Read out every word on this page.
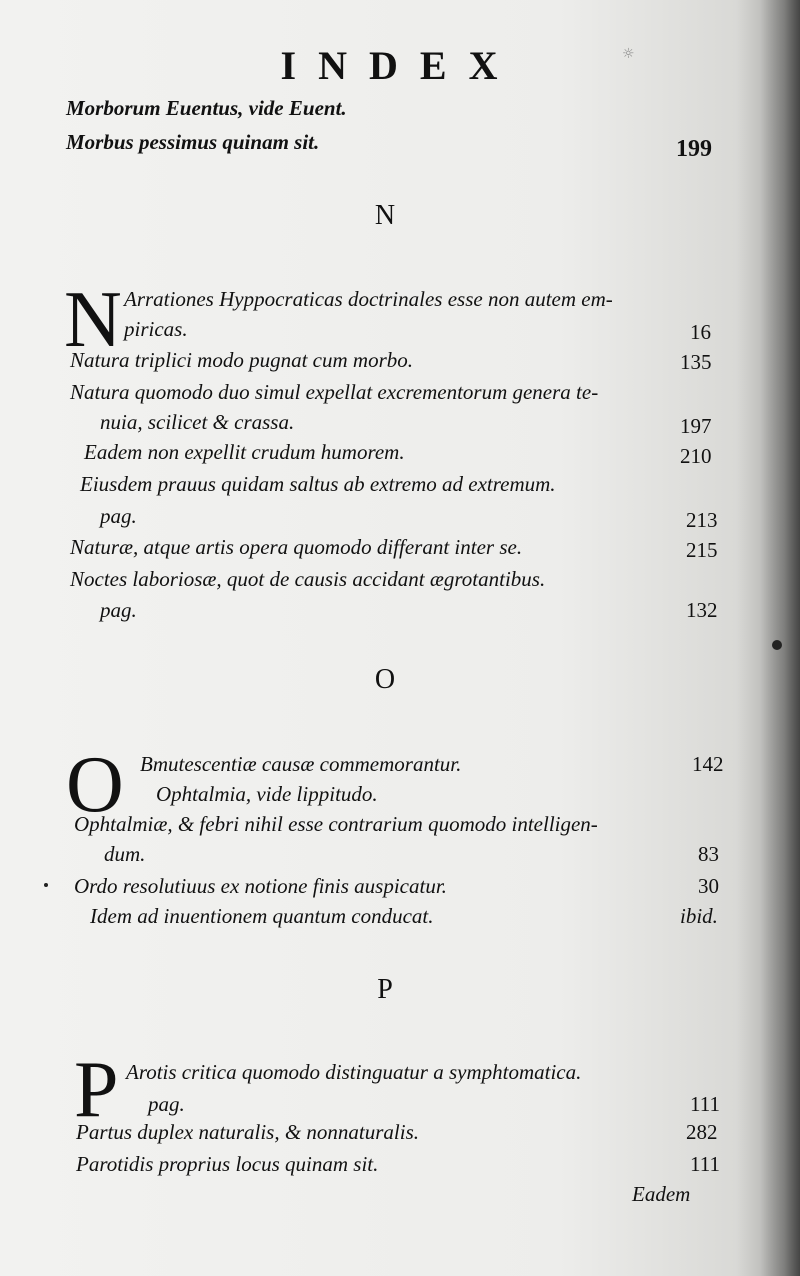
INDEX	☼
Morborum Euentus, vide Euent.
Morbus pessimus quinam sit.	199
N
N Arrationes Hyppocraticas doctrinales esse non autem em-
piricas.	16
Natura triplici modo pugnat cum morbo.	135
Natura quomodo duo simul expellat excrementorum genera te-
nuia, scilicet & crassa.	197
Eadem non expellit crudum humorem.	210
Eiusdem prauus quidam saltus ab extremo ad extremum.
pag.	213
Naturæ, atque artis opera quomodo differant inter se.	215
Noctes laboriosæ, quot de causis accidant ægrotantibus.
pag.	132
O
O Bmutescentiæ causæ commemorantur.	142
Ophtalmia, vide lippitudo.
Ophtalmiæ, & febri nihil esse contrarium quomodo intelligen-
dum.	83
Ordo resolutiuus ex notione finis auspicatur.	30
Idem ad inuentionem quantum conducat.	ibid.
P
P Arotis critica quomodo distinguatur a symphtomatica.
pag.	111
Partus duplex naturalis, & nonnaturalis.	282
Parotidis proprius locus quinam sit.	111
Eadem
